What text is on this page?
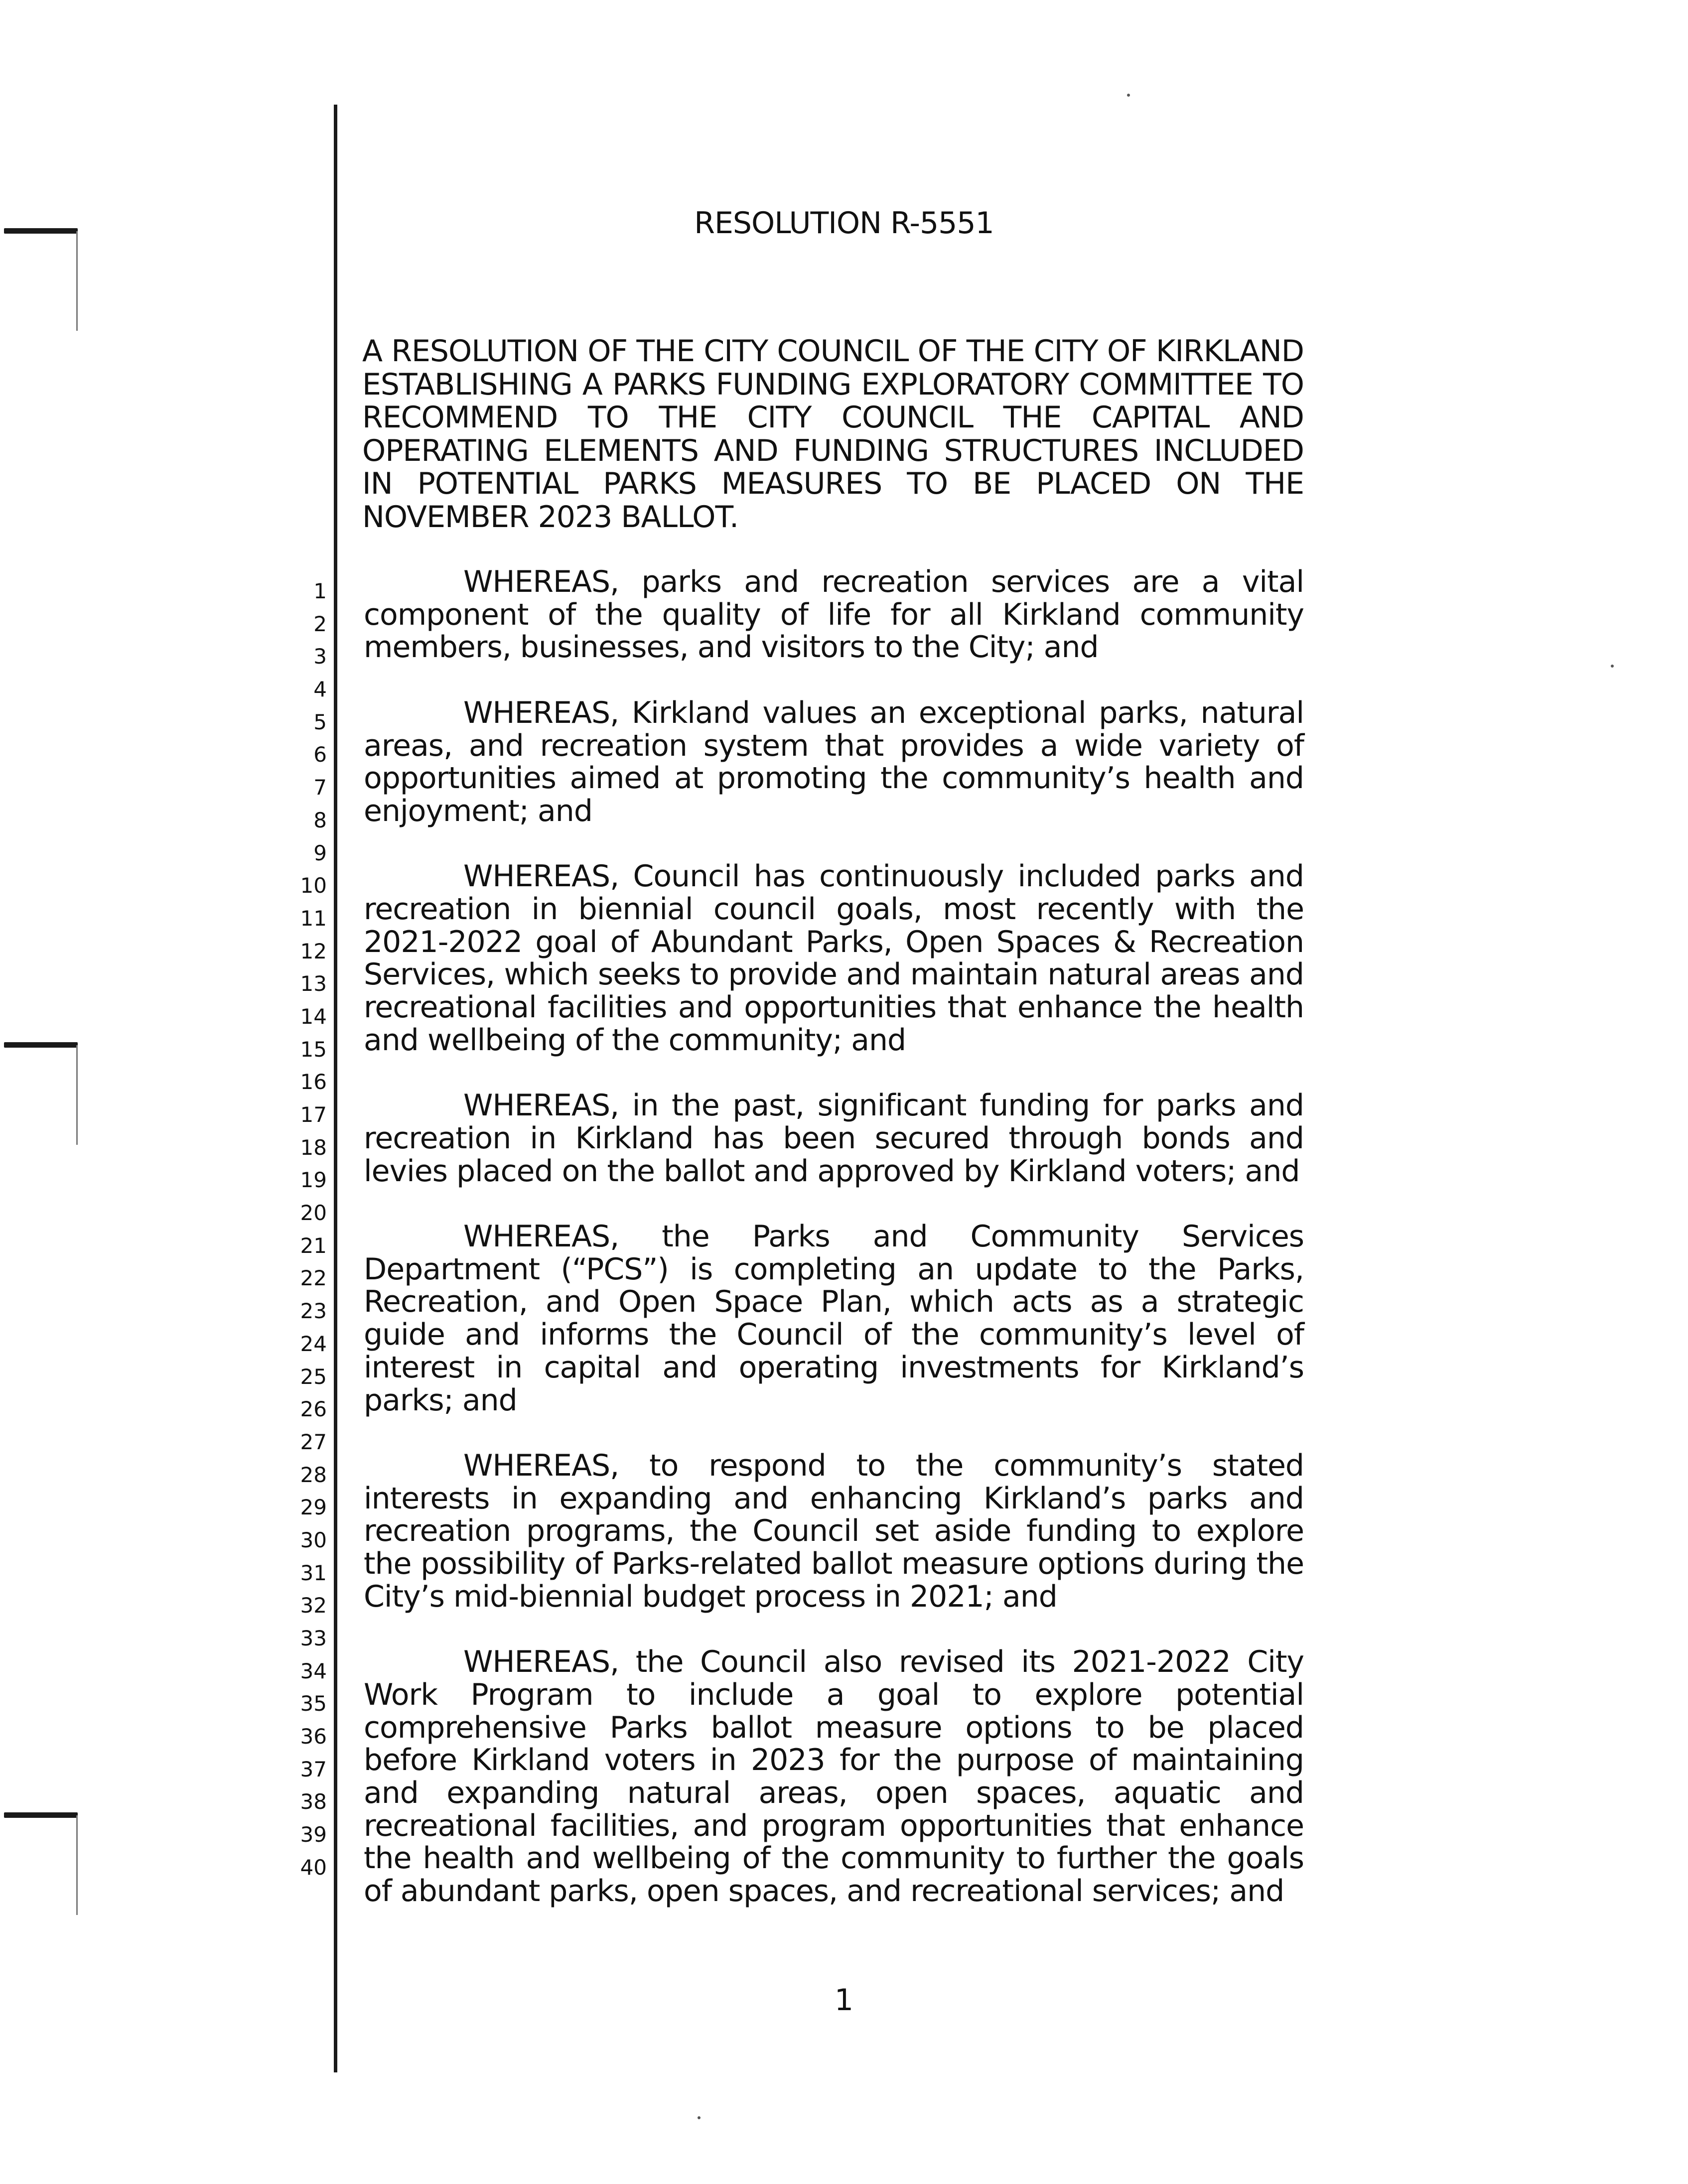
RESOLUTION R-5551
A RESOLUTION OF THE CITY COUNCIL OF THE CITY OF KIRKLAND ESTABLISHING A PARKS FUNDING EXPLORATORY COMMITTEE TO RECOMMEND TO THE CITY COUNCIL THE CAPITAL AND OPERATING ELEMENTS AND FUNDING STRUCTURES INCLUDED IN POTENTIAL PARKS MEASURES TO BE PLACED ON THE NOVEMBER 2023 BALLOT.
1
2
3
4
5
6
7
8
9
10
11
12
13
14
15
16
17
18
19
20
21
22
23
24
25
26
27
28
29
30
31
32
33
34
35
36
37
38
39
40

WHEREAS, parks and recreation services are a vital component of the quality of life for all Kirkland community members, businesses, and visitors to the City; and

WHEREAS, Kirkland values an exceptional parks, natural areas, and recreation system that provides a wide variety of opportunities aimed at promoting the community’s health and enjoyment; and

WHEREAS, Council has continuously included parks and recreation in biennial council goals, most recently with the 2021-2022 goal of Abundant Parks, Open Spaces & Recreation Services, which seeks to provide and maintain natural areas and recreational facilities and opportunities that enhance the health and wellbeing of the community; and

WHEREAS, in the past, significant funding for parks and recreation in Kirkland has been secured through bonds and levies placed on the ballot and approved by Kirkland voters; and

WHEREAS, the Parks and Community Services Department (“PCS”) is completing an update to the Parks, Recreation, and Open Space Plan, which acts as a strategic guide and informs the Council of the community’s level of interest in capital and operating investments for Kirkland’s parks; and

WHEREAS, to respond to the community’s stated interests in expanding and enhancing Kirkland’s parks and recreation programs, the Council set aside funding to explore the possibility of Parks-related ballot measure options during the City’s mid-biennial budget process in 2021; and

WHEREAS, the Council also revised its 2021-2022 City Work Program to include a goal to explore potential comprehensive Parks ballot measure options to be placed before Kirkland voters in 2023 for the purpose of maintaining and expanding natural areas, open spaces, aquatic and recreational facilities, and program opportunities that enhance the health and wellbeing of the community to further the goals of abundant parks, open spaces, and recreational services; and

1
